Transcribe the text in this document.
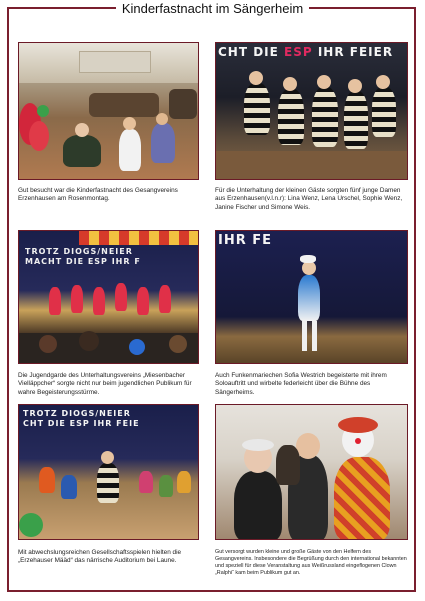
Kinderfastnacht im Sängerheim
Gut besucht war die Kinderfastnacht des Gesangvereins Erzenhausen am Rosenmontag.
CHT DIE ESP IHR FEIER
Für die Unterhaltung der kleinen Gäste sorgten fünf junge Damen aus Erzenhausen(v.l.n.r): Lina Wenz, Lena Urschel, Sophie Wenz, Janine Fischer und Simone Weis.
TROTZ DIOGS/NEIER
MACHT DIE ESP IHR F
Die Jugendgarde des Unterhaltungsvereins „Miesenbacher Vielläppcher“ sorgte nicht nur beim jugendlichen Publikum für wahre Begeisterungsstürme.
IHR FE
Auch Funkenmariechen Sofia Westrich begeisterte mit ihrem Soloauftritt und wirbelte federleicht über die Bühne des Sängerheims.
TROTZ DIOGS/NEIER
CHT DIE ESP IHR FEIE
Mit abwechslungsreichen Gesellschaftsspielen hielten die „Erzehauser Määd“ das närrische Auditorium bei Laune.
Gut versorgt wurden kleine und große Gäste von den Helfern des Gesangvereins. Insbesondere die Begrüßung durch den international bekannten und speziell für diese Veranstaltung aus Weißrussland eingeflogenen Clown „Ralphi“ kam beim Publikum gut an.
